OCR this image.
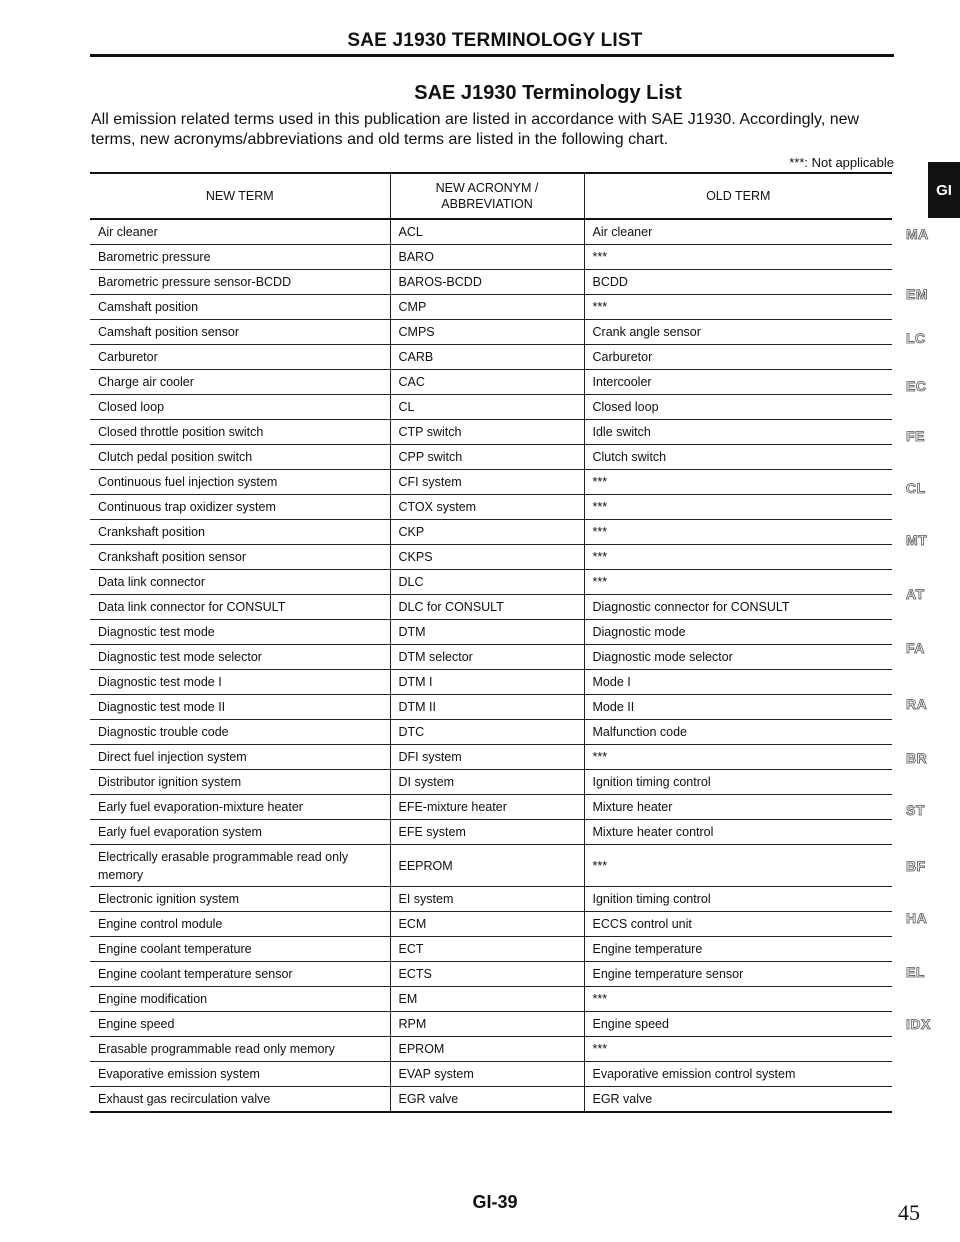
SAE J1930 TERMINOLOGY LIST
SAE J1930 Terminology List
All emission related terms used in this publication are listed in accordance with SAE J1930. Accordingly, new terms, new acronyms/abbreviations and old terms are listed in the following chart.
***: Not applicable
NEW TERM	NEW ACRONYM / ABBREVIATION	OLD TERM
Air cleaner	ACL	Air cleaner
Barometric pressure	BARO	***
Barometric pressure sensor-BCDD	BAROS-BCDD	BCDD
Camshaft position	CMP	***
Camshaft position sensor	CMPS	Crank angle sensor
Carburetor	CARB	Carburetor
Charge air cooler	CAC	Intercooler
Closed loop	CL	Closed loop
Closed throttle position switch	CTP switch	Idle switch
Clutch pedal position switch	CPP switch	Clutch switch
Continuous fuel injection system	CFI system	***
Continuous trap oxidizer system	CTOX system	***
Crankshaft position	CKP	***
Crankshaft position sensor	CKPS	***
Data link connector	DLC	***
Data link connector for CONSULT	DLC for CONSULT	Diagnostic connector for CONSULT
Diagnostic test mode	DTM	Diagnostic mode
Diagnostic test mode selector	DTM selector	Diagnostic mode selector
Diagnostic test mode I	DTM I	Mode I
Diagnostic test mode II	DTM II	Mode II
Diagnostic trouble code	DTC	Malfunction code
Direct fuel injection system	DFI system	***
Distributor ignition system	DI system	Ignition timing control
Early fuel evaporation-mixture heater	EFE-mixture heater	Mixture heater
Early fuel evaporation system	EFE system	Mixture heater control
Electrically erasable programmable read only memory	EEPROM	***
Electronic ignition system	EI system	Ignition timing control
Engine control module	ECM	ECCS control unit
Engine coolant temperature	ECT	Engine temperature
Engine coolant temperature sensor	ECTS	Engine temperature sensor
Engine modification	EM	***
Engine speed	RPM	Engine speed
Erasable programmable read only memory	EPROM	***
Evaporative emission system	EVAP system	Evaporative emission control system
Exhaust gas recirculation valve	EGR valve	EGR valve
GI
MA
EM
LC
EC
FE
CL
MT
AT
FA
RA
BR
ST
BF
HA
EL
IDX
GI-39	45
